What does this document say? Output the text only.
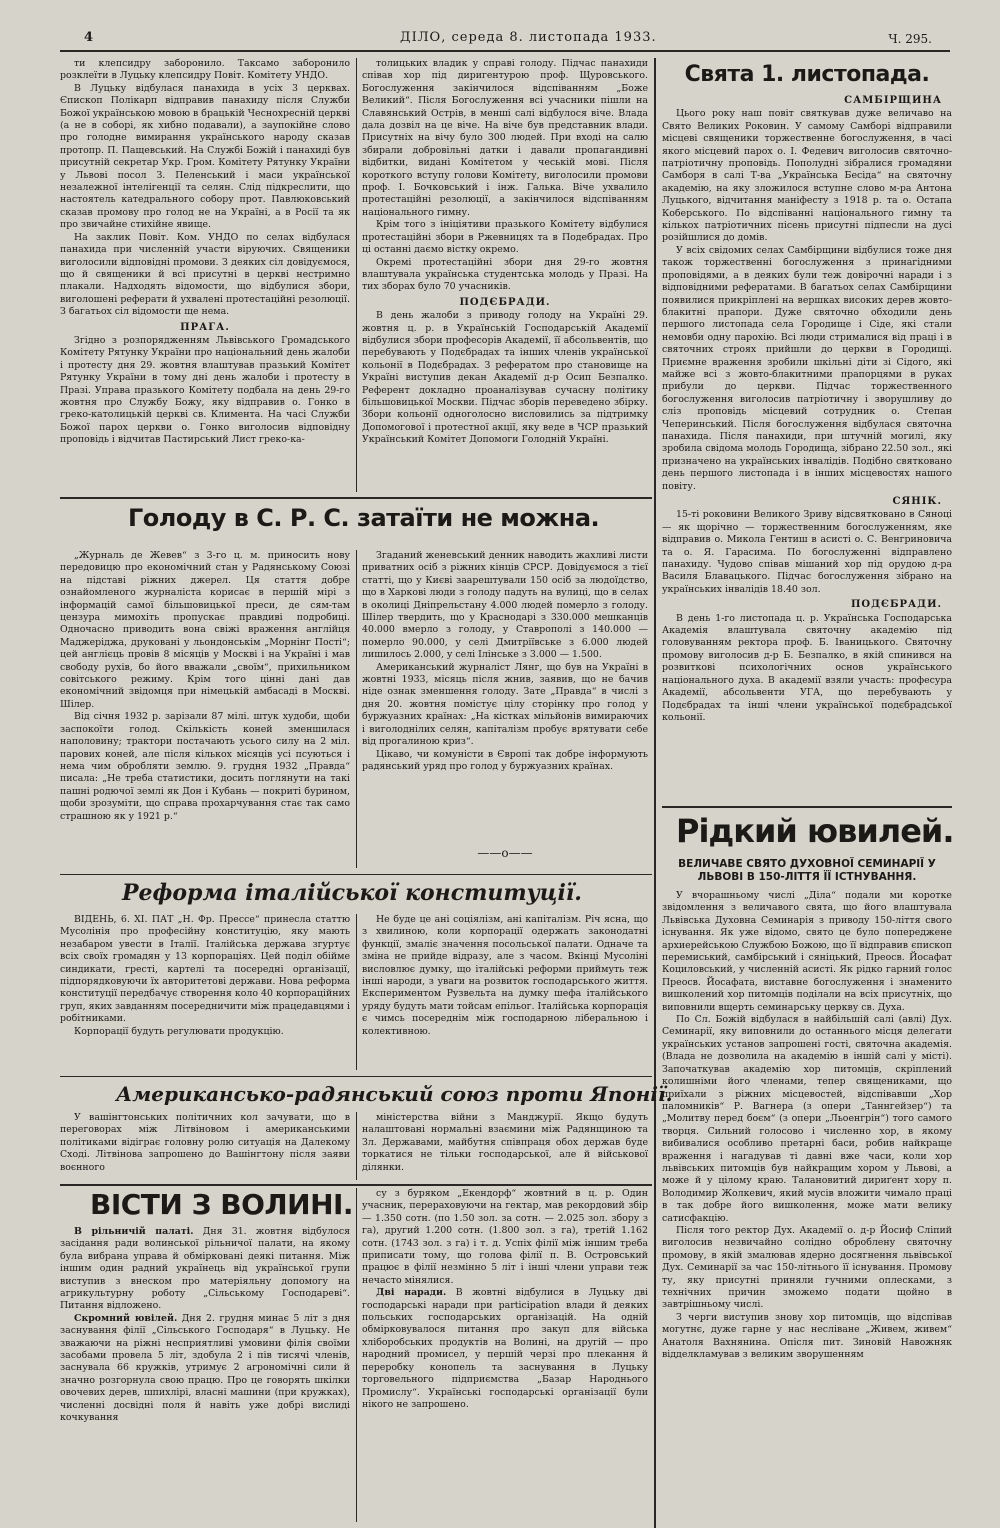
4	ДІЛО, середа 8. листопада 1933.	Ч. 295.

ти клепсидру заборонило. Таксамо заборонило розклеїти в Луцьку клепсидру Повіт. Комітету УНДО.

В Луцьку відбулася панахида в усіх 3 церквах. Єпископ Полікарп відправив панахиду після Служби Божої українською мовою в брацькій Чеснохресній церкві (а не в соборі, як хибно подавали), а заупокійне слово про голодне вимирання українського народу сказав протопр. П. Пащевський. На Службі Божій і панахиді був присутній секретар Укр. Гром. Комітету Рятунку України у Львові посол З. Пеленський і маси української незалежної інтелігенції та селян. Слід підкреслити, що настоятель катедрального собору прот. Павлюковський сказав промову про голод не на Україні, а в Росії та як про звичайне стихійне явище.

На заклик Повіт. Ком. УНДО по селах відбулася панахида при численній участи віруючих. Священики виголосили відповідні промови. З деяких сіл довідуємося, що й священики й всі присутні в церкві нестримно плакали. Надходять відомости, що відбулися збори, виголошені реферати й ухвалені протестаційні резолюції. З багатьох сіл відомости ще нема.

ПРАГА.

Згідно з розпорядженням Львівського Громадського Комітету Рятунку України про національний день жалоби і протесту дня 29. жовтня влаштував празький Комітет Рятунку України в тому дні день жалоби і протесту в Празі. Управа празького Комітету подбала на день 29-го жовтня про Службу Божу, яку відправив о. Гонко в греко-католицькій церкві св. Климента. На часі Служби Божої парох церкви о. Гонко виголосив відповідну проповідь і відчитав Пастирський Лист греко-ка-

толицьких владик у справі голоду. Підчас панахиди співав хор під диригентурою проф. Щуровського. Богослуження закінчилося відспіванням „Боже Великий“. Після Богослуження всі учасники пішли на Славянський Острів, в менші салі відбулося віче. Влада дала дозвіл на це віче. На віче був представник влади. Присутніх на вічу було 300 людей. При вході на салю збирали добровільні датки і давали пропагандивні відбитки, виданi Комітетом у чеській мові. Після короткого вступу голови Комітету, виголосили промови проф. І. Бочковський і інж. Галька. Віче ухвалило протестаційні резолюції, а закінчилося відспіванням національного гимну.

Крім того з ініціятиви празького Комітету відбулися протестаційні збори в Ржевницях та в Подебрадах. Про ці останні даємо вістку окремо.

Окремі протестаційні збори дня 29-го жовтня влаштувала українська студентська молодь у Празі. На тих зборах було 70 учасників.

ПОДЄБРАДИ.

В день жалоби з приводу голоду на Україні 29. жовтня ц. р. в Українській Господарській Академії відбулися збори професорів Академії, її абсольвентів, що перебувають у Подєбрадах та інших членів української кольонії в Подєбрадах. З рефератом про становище на Україні виступив декан Академії д-р Осип Безпалко. Референт докладно проаналізував сучасну політику більшовицької Москви. Підчас зборів переведено збірку. Збори кольонії одноголосно висловились за підтримку Допомогової і протестної акції, яку веде в ЧСР празький Український Комітет Допомоги Голодній Україні.

Свята 1. листопада.

САМБІРЩИНА

Цього року наш повіт святкував дуже величаво на Свято Великих Роковин. У самому Самборі відправили місцеві священики торжественне богослуження, в часі якого місцевий парох о. І. Федевич виголосив святочно-патріотичну проповідь. Пополудні зібралися громадяни Самборя в салі Т-ва „Українська Бесіда“ на святочну академію, на яку зложилося вступне слово м-ра Антона Луцького, відчитання маніфесту з 1918 р. та о. Остапа Коберського. По відспіванні національного гимну та кількох патріотичних пісень присутні підпесли на дусі розійшлися до домів.

У всіх свідомих селах Самбірщини відбулися тоже дня також торжественні богослуження з принагідними проповідями, а в деяких були теж довірочні наради і з відповідними рефератами. В багатьох селах Самбірщини появилися прикріплені на вершках високих дерев жовто-блакитні прапори. Дуже святочно обходили день першого листопада села Городище і Сіде, які стали немовби одну парохію. Всі люди стрималися від праці і в святочних строях прийшли до церкви в Городищі. Приємне враження зробили шкільні діти зі Сідого, які майже всі з жовто-блакитними прапорцями в руках прибули до церкви. Підчас торжественного богослуження виголосив патріотичну і зворушливу до сліз проповідь місцевий сотрудник о. Степан Чеперинський. Після богослуження відбулася святочна панахида. Після панахиди, при штучній могилі, яку зробила свідома молодь Городища, зібрано 22.50 зол., які призначено на українських інвалідів. Подібно святковано день першого листопада і в інших місцевостях нашого повіту.

СЯНІК.

15-ті роковини Великого Зриву відсвятковано в Сяноці — як щорічно — торжественним богослуженням, яке відправив о. Микола Гентиш в асисті о. С. Венгриновича та о. Я. Гарасима. По богослуженні відправлено панахиду. Чудово співав мішаний хор під орудою д-ра Василя Блавацького. Підчас богослуження зібрано на українських інвалідів 18.40 зол.

ПОДЄБРАДИ.

В день 1-го листопада ц. р. Українська Господарська Академія влаштувала святочну академію під головуванням ректора проф. Б. Іваницького. Святочну промову виголосив д-р Б. Безпалко, в якій спинився на розвиткові психологічних основ українського національного духа. В академії взяли участь: професура Академії, абсольвенти УГА, що перебувають у Подєбрадах та інші члени української подєбрадської кольонії.

Голоду в С. Р. С. затаїти не можна.

„Журналь де Жевев“ з 3-го ц. м. приносить нову передовицю про економічний стан у Радянському Союзі на підставі ріжних джерел. Ця стаття добре ознайомленого журналіста корисає в першій мірі з інформацій самої більшовицької преси, де сям-там цензура мимохіть пропускає правдиві подробиці. Одночасно приводить вона свіжі враження англійця Маджеріджа, друковані у льондонськім „Морнінг Пості“; цей англієць провів 8 місяців у Москві і на Україні і мав свободу рухів, бо його вважали „своїм“, прихильником совітського режиму. Крім того цінні дані дав економічний звідомця при німецькій амбасаді в Москві. Шілер.

Від січня 1932 р. зарізали 87 мілі. штук худоби, щоби заспокоїти голод. Скількість коней зменшилася наполовину; трактори постачають усього силу на 2 міл. парових коней, але після кількох місяців усі псуються і нема чим обробляти землю. 9. грудня 1932 „Правда“ писала: „Не треба статистики, досить поглянути на такі пашні родючої землі як Дон і Кубань — покриті бурином, щоби зрозуміти, що справа прохарчування стає так само страшною як у 1921 р.“

Згаданий женевський денник наводить жахливі листи приватних осіб з ріжних кінців СРСР. Довідуємося з тієї статті, що у Києві заарештували 150 осіб за людоїдство, що в Харкові люди з голоду падуть на вулиці, що в селах в околиці Дніпрельстану 4.000 людей померло з голоду. Шілер твердить, що у Краснодарі з 330.000 мешканців 40.000 вмерло з голоду, у Ставрополі з 140.000 — померло 90.000, у селі Дмитріївське з 6.000 людей лишилось 2.000, у селі Ілінське з 3.000 — 1.500.

Американський журналіст Лянг, що був на Україні в жовтні 1933, місяць після жнив, заявив, що не бачив ніде ознак зменшення голоду. Зате „Правда“ в числі з дня 20. жовтня помістує цілу сторінку про голод у буржуазних країнах: „На кістках мільйонів вимираючих і виголоднілих селян, капіталізм пробує врятувати себе від прогалиною криз“.

Цікаво, чи комуністи в Європі так добре інформують радянський уряд про голод у буржуазних країнах.

——о——
Реформа італійської конституції.

ВІДЕНЬ, 6. XI. ПАТ „Н. Фр. Прессе“ принесла статтю Мусолінія про професійну конституцію, яку мають незабаром увести в Італії. Італійська держава згуртує всіх своїх громадян у 13 корпораціях. Цей поділ обійме синдикати, гресті, картелі та посередні організації, підпорядковуючи їх авторитетові держави. Нова реформа конституції передбачує створення коло 40 корпораційних груп, яких завданням посередничити між працедавцями і робітниками.

Корпорації будуть регулювати продукцію.

Не буде це ані соціялізм, ані капіталізм. Річ ясна, що з хвилиною, коли корпорації одержать законодатні функції, змаліє значення посольської палати. Одначе та зміна не прийде відразу, але з часом. Вкінці Мусоліні висловлює думку, що італійські реформи приймуть теж інші народи, з уваги на розвиток господарського життя. Експериментом Рузвельта на думку шефа італійського уряду будуть мати тойсам епільог. Італійська корпорація є чимсь посереднім між господарною ліберальною і колективною.

Американсько-радянський союз проти Японії.

У вашінгтонських політичних кол зачувати, що в переговорах між Літвіновом і американськими політиками відіграє головну ролю ситуація на Далекому Сході. Літвінова запрошено до Вашінгтону після заяви воєнного

міністерства війни з Манджурії. Якщо будуть налаштовані нормальні взаємини між Радянщиною та Зл. Державами, майбутня співпраця обох держав буде торкатися не тільки господарської, але й військової ділянки.

ВІСТИ З ВОЛИНІ.

В рільничій палаті. Дня 31. жовтня відбулося засідання ради волинської рільничої палати, на якому була вибрана управа й обмірковані деякі питання. Між іншим один радний українець від української групи виступив з внеском про матеріяльну допомогу на агрикультурну роботу „Сільському Господареві“. Питання відложено.

Скромний ювілей. Дня 2. грудня минає 5 літ з дня заснування філії „Сільського Господаря“ в Луцьку. Не зважаючи на ріжні несприятливі умовини філія своїми засобами провела 5 літ, здобула 2 і пів тисячі членів, заснувала 66 кружків, утримує 2 агрономічні сили й значно розгорнула свою працю. Про це говорять шкілки овочевих дерев, шпихлірі, власні машини (при кружках), численні досвідні поля й навіть уже добрі вислиді кочкування

су з буряком „Екендорф“ жовтний в ц. р. Один учасник, перераховуючи на гектар, мав рекордовий збір — 1.350 сотн. (по 1.50 зол. за сотн. — 2.025 зол. збору з га), другий 1.200 сотн. (1.800 зол. з га), третій 1.162 сотн. (1743 зол. з га) і т. д. Успіх філії між іншим треба приписати тому, що голова філії п. В. Островський працює в філії незмінно 5 літ і інші члени управи теж нечасто мінялися.

Дві наради. В жовтні відбулися в Луцьку дві господарські наради при participation влади й деяких польських господарських організацій. На одній обмірковувалося питання про закуп для війська хліборобських продуктів на Волині, на другій — про народний промисел, у першій черзі про плекання й переробку конопель та заснування в Луцьку торговельного підприємства „Базар Народнього Промислу“. Українські господарські організації були нікого не запрошено.

Рідкий ювилей.
ВЕЛИЧАВЕ СВЯТО ДУХОВНОЇ СЕМИНАРІЇ У ЛЬВОВІ В 150-ЛІТТЯ ЇЇ ІСТНУВАННЯ.

У вчорашньому числі „Діла“ подали ми коротке звідомлення з величавого свята, що його влаштувала Львівська Духовна Семинарія з приводу 150-ліття свого існування. Як уже відомо, свято це було попереджене архиерейською Службою Божою, що її відправив єпископ перемиський, самбірський і сяніцький, Преосв. Йосафат Коциловський, у численній асисті. Як рідко гарний голос Преосв. Йосафата, виставне богослуження і знаменито вишколений хор питомців поділали на всіх присутніх, що виповнили вщерть семинарську церкву св. Духа.

По Сл. Божій відбулася в найбільшій салі (авлі) Дух. Семинарії, яку виповнили до останнього місця делегати українських установ запрошені гості, святочна академія. (Влада не дозволила на академію в іншій салі у місті). Започаткував академію хор питомців, скріплений колишніми його членами, тепер священиками, що приїхали з ріжних місцевостей, відспівавши „Хор паломників“ Р. Вагнера (з опери „Таннгейзер“) та „Молитву перед боєм“ (з опери „Льоенгрін“) того самого творця. Сильний голосово і численно хор, в якому вибивалися особливо претарні баси, робив найкраще враження і нагадував ті давні вже часи, коли хор львівських питомців був найкращим хором у Львові, а може й у цілому краю. Талановитий дириґент хору п. Володимир Жолкевич, який мусів вложити чимало праці в так добре його вишколення, може мати велику сатисфакцію.

Після того ректор Дух. Академії о. д-р Йосиф Сліпий виголосив незвичайно солідно оброблену святочну промову, в якій змалював ядерно досягнення львівської Дух. Семинарії за час 150-літнього її існування. Промову ту, яку присутні приняли гучними оплесками, з технічних причин зможемо подати щойно в завтрішньому числі.

З черги виступив знову хор питомців, що відспівав могутнє, дуже гарне у нас несліване „Живем, живем“ Анатоля Вахнянина. Опісля пит. Зиновій Навожняк відделкламував з великим зворушенням
